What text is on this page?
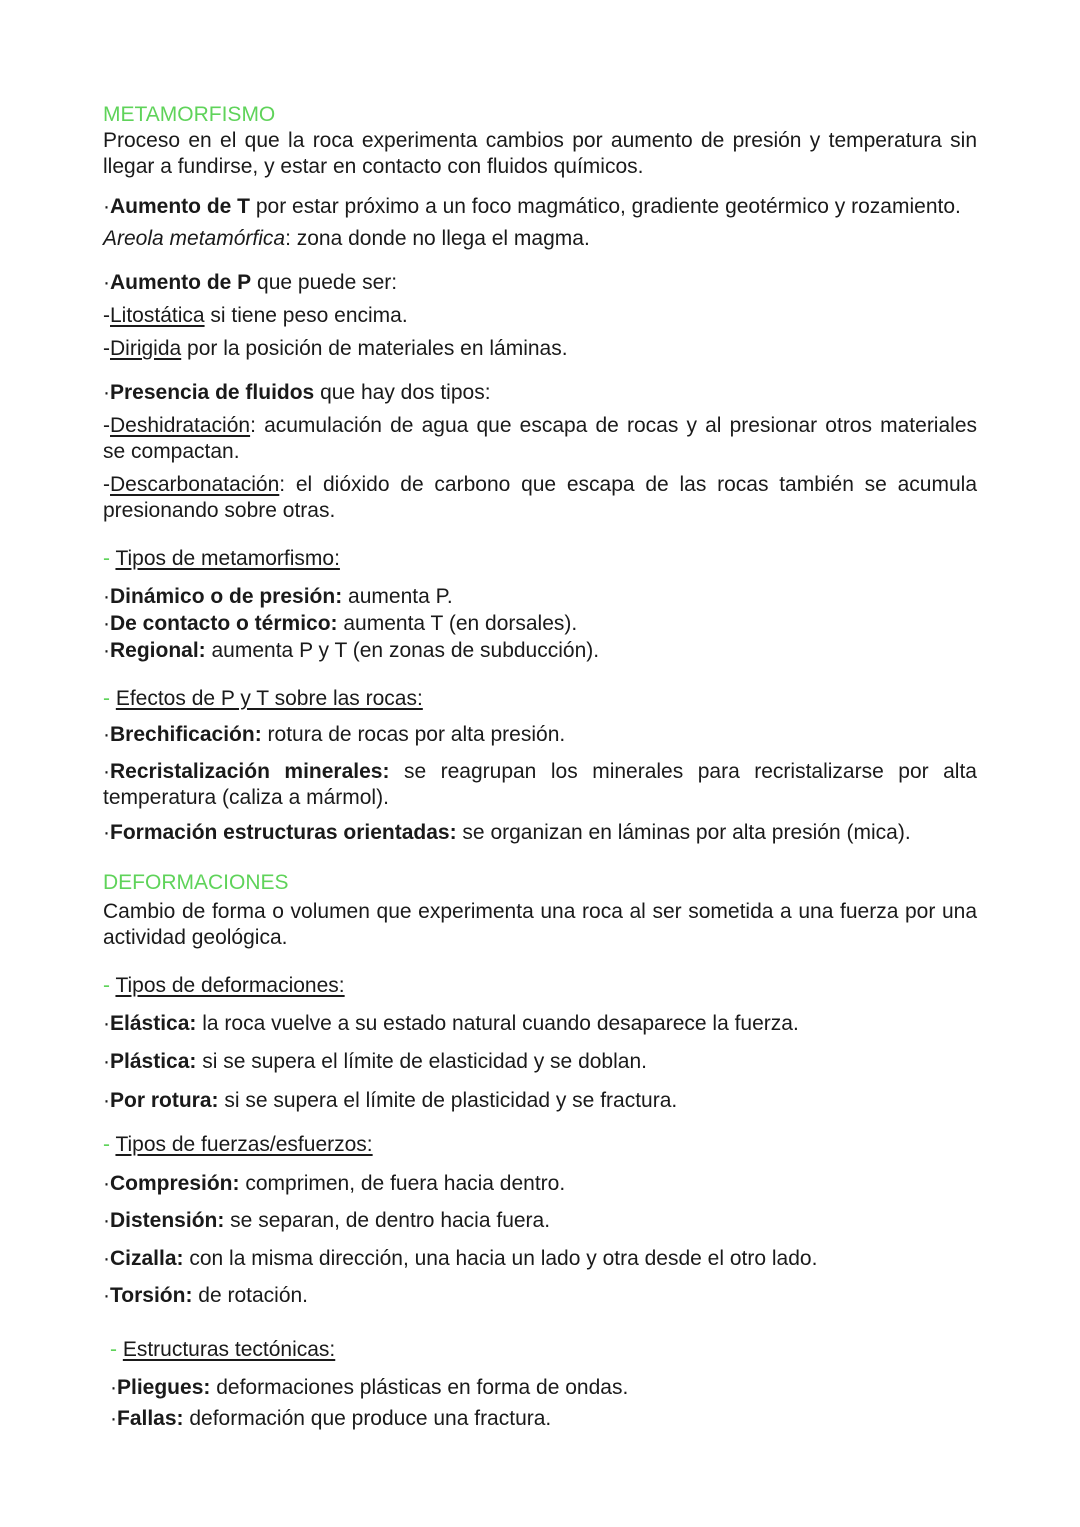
METAMORFISMO

Proceso en el que la roca experimenta cambios por aumento de presión y temperatura sin llegar a fundirse, y estar en contacto con fluidos químicos.

·Aumento de T por estar próximo a un foco magmático, gradiente geotérmico y rozamiento.

Areola metamórfica: zona donde no llega el magma.

·Aumento de P que puede ser:

-Litostática si tiene peso encima.

-Dirigida por la posición de materiales en láminas.

·Presencia de fluidos que hay dos tipos:

-Deshidratación: acumulación de agua que escapa de rocas y al presionar otros materiales se compactan.

-Descarbonatación: el dióxido de carbono que escapa de las rocas también se acumula presionando sobre otras.

- Tipos de metamorfismo:

·Dinámico o de presión: aumenta P.

·De contacto o térmico: aumenta T (en dorsales).

·Regional: aumenta P y T (en zonas de subducción).

- Efectos de P y T sobre las rocas:

·Brechificación: rotura de rocas por alta presión.

·Recristalización minerales: se reagrupan los minerales para recristalizarse por alta temperatura (caliza a mármol).

·Formación estructuras orientadas: se organizan en láminas por alta presión (mica).

DEFORMACIONES

Cambio de forma o volumen que experimenta una roca al ser sometida a una fuerza por una actividad geológica.

- Tipos de deformaciones:

·Elástica: la roca vuelve a su estado natural cuando desaparece la fuerza.

·Plástica: si se supera el límite de elasticidad y se doblan.

·Por rotura: si se supera el límite de plasticidad y se fractura.

- Tipos de fuerzas/esfuerzos:

·Compresión: comprimen, de fuera hacia dentro.

·Distensión: se separan, de dentro hacia fuera.

·Cizalla: con la misma dirección, una hacia un lado y otra desde el otro lado.

·Torsión: de rotación.

- Estructuras tectónicas:

·Pliegues: deformaciones plásticas en forma de ondas.

·Fallas: deformación que produce una fractura.
